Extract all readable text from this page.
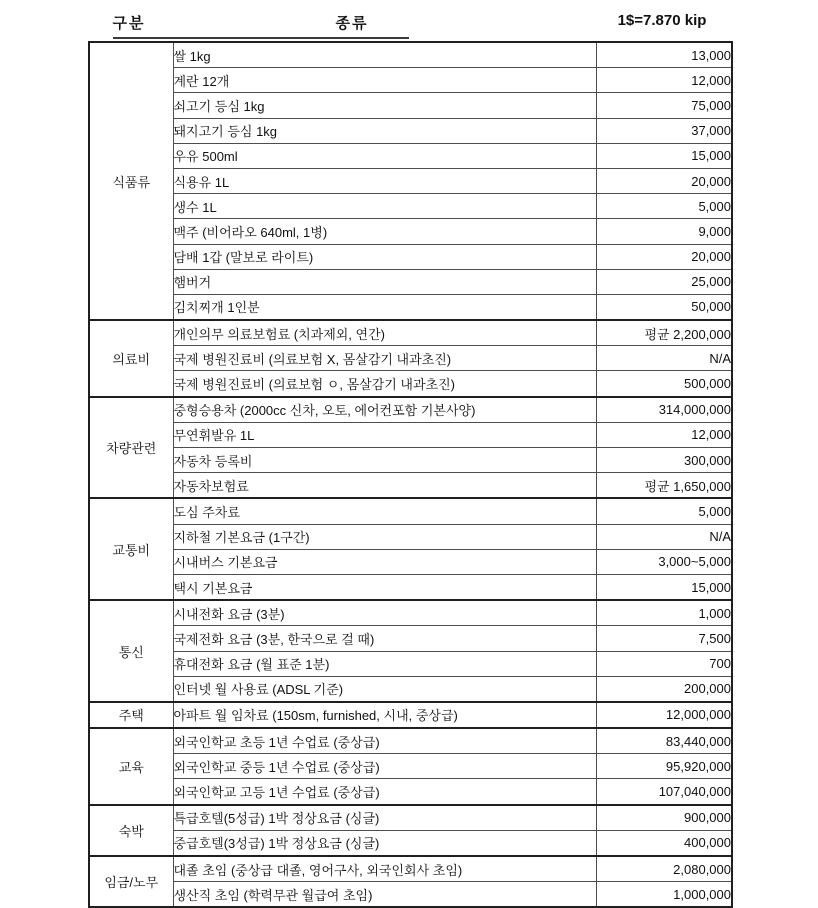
구분	종류	1$=7.870 kip
식품류	쌀 1kg	13,000
	계란 12개	12,000
	쇠고기 등심 1kg	75,000
	돼지고기 등심 1kg	37,000
	우유 500ml	15,000
	식용유 1L	20,000
	생수 1L	5,000
	맥주 (비어라오 640ml, 1병)	9,000
	담배 1갑 (말보로 라이트)	20,000
	햄버거	25,000
	김치찌개 1인분	50,000
의료비	개인의무 의료보험료 (치과제외, 연간)	평균 2,200,000
	국제 병원진료비 (의료보험 X, 몸살감기 내과초진)	N/A
	국제 병원진료비 (의료보험 ㅇ, 몸살감기 내과초진)	500,000
차량관련	중형승용차 (2000cc 신차, 오토, 에어컨포함 기본사양)	314,000,000
	무연휘발유 1L	12,000
	자동차 등록비	300,000
	자동차보험료	평균 1,650,000
교통비	도심 주차료	5,000
	지하철 기본요금 (1구간)	N/A
	시내버스 기본요금	3,000~5,000
	택시 기본요금	15,000
통신	시내전화 요금 (3분)	1,000
	국제전화 요금 (3분, 한국으로 걸 때)	7,500
	휴대전화 요금 (월 표준 1분)	700
	인터넷 월 사용료 (ADSL 기준)	200,000
주택	아파트 월 임차료 (150sm, furnished, 시내, 중상급)	12,000,000
교육	외국인학교 초등 1년 수업료 (중상급)	83,440,000
	외국인학교 중등 1년 수업료 (중상급)	95,920,000
	외국인학교 고등 1년 수업료 (중상급)	107,040,000
숙박	특급호텔(5성급) 1박 정상요금 (싱글)	900,000
	중급호텔(3성급) 1박 정상요금 (싱글)	400,000
임금/노무	대졸 초임 (중상급 대졸, 영어구사, 외국인회사 초임)	2,080,000
	생산직 초임 (학력무관 월급여 초임)	1,000,000
